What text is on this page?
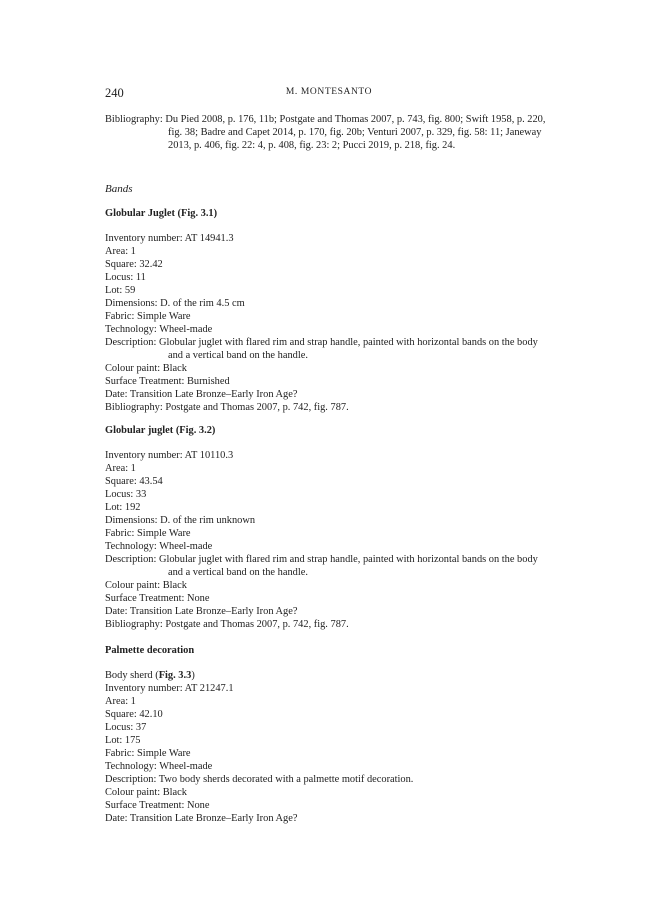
240	M. MONTESANTO
Bibliography: Du Pied 2008, p. 176, 11b; Postgate and Thomas 2007, p. 743, fig. 800; Swift 1958, p. 220, fig. 38; Badre and Capet 2014, p. 170, fig. 20b; Venturi 2007, p. 329, fig. 58: 11; Janeway 2013, p. 406, fig. 22: 4, p. 408, fig. 23: 2; Pucci 2019, p. 218, fig. 24.
Bands
Globular Juglet (Fig. 3.1)
Inventory number: AT 14941.3
Area: 1
Square: 32.42
Locus: 11
Lot: 59
Dimensions: D. of the rim 4.5 cm
Fabric: Simple Ware
Technology: Wheel-made
Description: Globular juglet with flared rim and strap handle, painted with horizontal bands on the body and a vertical band on the handle.
Colour paint: Black
Surface Treatment: Burnished
Date: Transition Late Bronze–Early Iron Age?
Bibliography: Postgate and Thomas 2007, p. 742, fig. 787.
Globular juglet (Fig. 3.2)
Inventory number: AT 10110.3
Area: 1
Square: 43.54
Locus: 33
Lot: 192
Dimensions: D. of the rim unknown
Fabric: Simple Ware
Technology: Wheel-made
Description: Globular juglet with flared rim and strap handle, painted with horizontal bands on the body and a vertical band on the handle.
Colour paint: Black
Surface Treatment: None
Date: Transition Late Bronze–Early Iron Age?
Bibliography: Postgate and Thomas 2007, p. 742, fig. 787.
Palmette decoration
Body sherd (Fig. 3.3)
Inventory number: AT 21247.1
Area: 1
Square: 42.10
Locus: 37
Lot: 175
Fabric: Simple Ware
Technology: Wheel-made
Description: Two body sherds decorated with a palmette motif decoration.
Colour paint: Black
Surface Treatment: None
Date: Transition Late Bronze–Early Iron Age?
